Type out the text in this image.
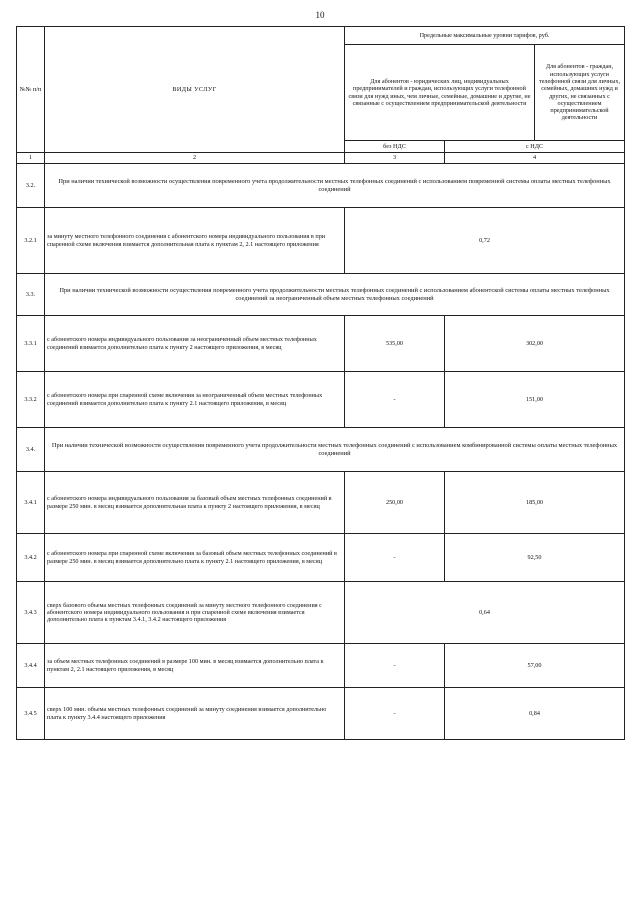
10
№№ п/п	ВИДЫ УСЛУГ	Предельные максимальные уровни тарифов, руб.		
		Для абонентов - юридических лиц, индивидуальных предпринимателей и граждан, использующих услуги телефонной связи для нужд иных, чем личные, семейные, домашние и другие, не связанные с осуществлением предпринимательской деятельности		Для абонентов - граждан, использующих услуги телефонной связи для личных, семейных, домашних нужд и других, не связанных с осуществлением предпринимательской деятельности
		без НДС	с НДС	
1	2	3	4	
3.2.	При наличии технической возможности осуществления повременного учета продолжительности местных телефонных соединений с использованием повременной системы оплаты местных телефонных соединений			
3.2.1	за минуту местного телефонного соединения с абонентского номера индивидуального пользования в при спаренной схеме включения взимается дополнительная плата к пунктам 2, 2.1 настоящего приложения	0,72		
3.3.	При наличии технической возможности осуществления повременного учета продолжительности местных телефонных соединений с использованием абонентской системы оплаты местных телефонных соединений за неограниченный объем местных телефонных соединений			
3.3.1	с абонентского номера индивидуального пользования за неограниченный объем местных телефонных соединений взимается дополнительно плата к пункту 2 настоящего приложения, в месяц	535,00	302,00	
3.3.2	с абонентского номера при спаренной схеме включения за неограниченный объем местных телефонных соединений взимается дополнительно плата к пункту 2.1 настоящего приложения, в месяц	-	151,00	
3.4.	При наличии технической возможности осуществления повременного учета продолжительности местных телефонных соединений с использованием комбинированной системы оплаты местных телефонных соединений			
3.4.1	с абонентского номера индивидуального пользования за базовый объем местных телефонных соединений в размере 250 мин. в месяц взимается дополнительная плата к пункту 2 настоящего приложения, в месяц	250,00	185,00	
3.4.2	с абонентского номера при спаренной схеме включения за базовый объем местных телефонных соединений в размере 250 мин. в месяц взимается дополнительно плата к пункту 2.1 настоящего приложения, в месяц	-	92,50	
3.4.3	сверх базового объема местных телефонных соединений за минуту местного телефонного соединения с абонентского номера индивидуального пользования и при спаренной схеме включения взимается дополнительно плата к пунктам 3.4.1, 3.4.2 настоящего приложения	0,64		
3.4.4	за объем местных телефонных соединений в размере 100 мин. в месяц взимается дополнительно плата к пунктам 2, 2.1 настоящего приложения, в месяц	-	57,00	
3.4.5	сверх 100 мин. объема местных телефонных соединений за минуту соединения взимается дополнительно плата к пункту 3.4.4 настоящего приложения	-	0,84	
